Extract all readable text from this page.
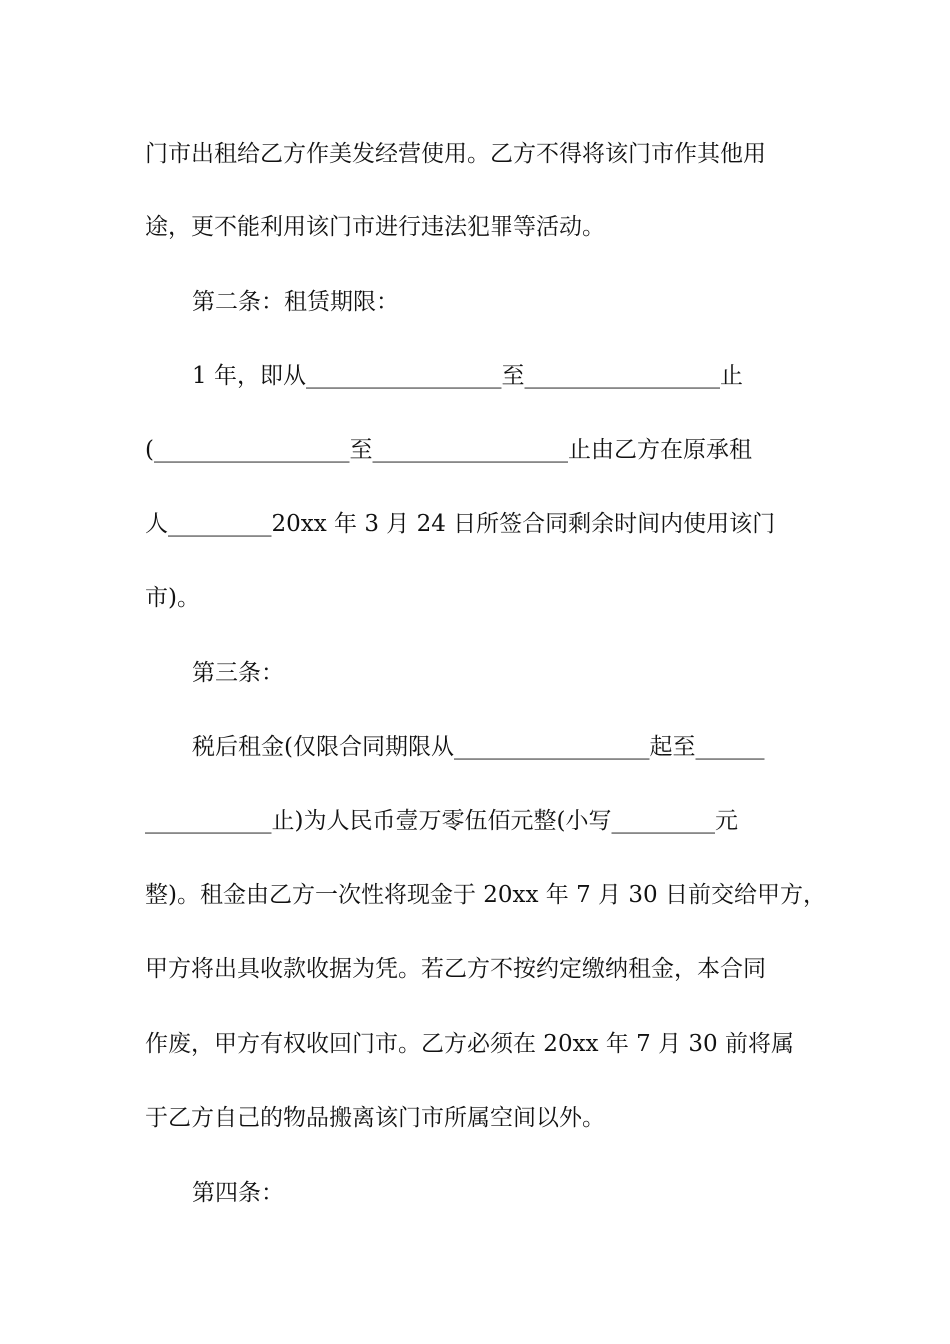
门市出租给乙方作美发经营使用。乙方不得将该门市作其他用
途，更不能利用该门市进行违法犯罪等活动。
第二条：租赁期限：
1 年，即从_________________至_________________止
(_________________至_________________止由乙方在原承租
人_________20xx 年 3 月 24 日所签合同剩余时间内使用该门
市)。
第三条：
税后租金(仅限合同期限从_________________起至______
___________止)为人民币壹万零伍佰元整(小写_________元
整)。租金由乙方一次性将现金于 20xx 年 7 月 30 日前交给甲方，
甲方将出具收款收据为凭。若乙方不按约定缴纳租金，本合同
作废，甲方有权收回门市。乙方必须在 20xx 年 7 月 30 前将属
于乙方自己的物品搬离该门市所属空间以外。
第四条：
